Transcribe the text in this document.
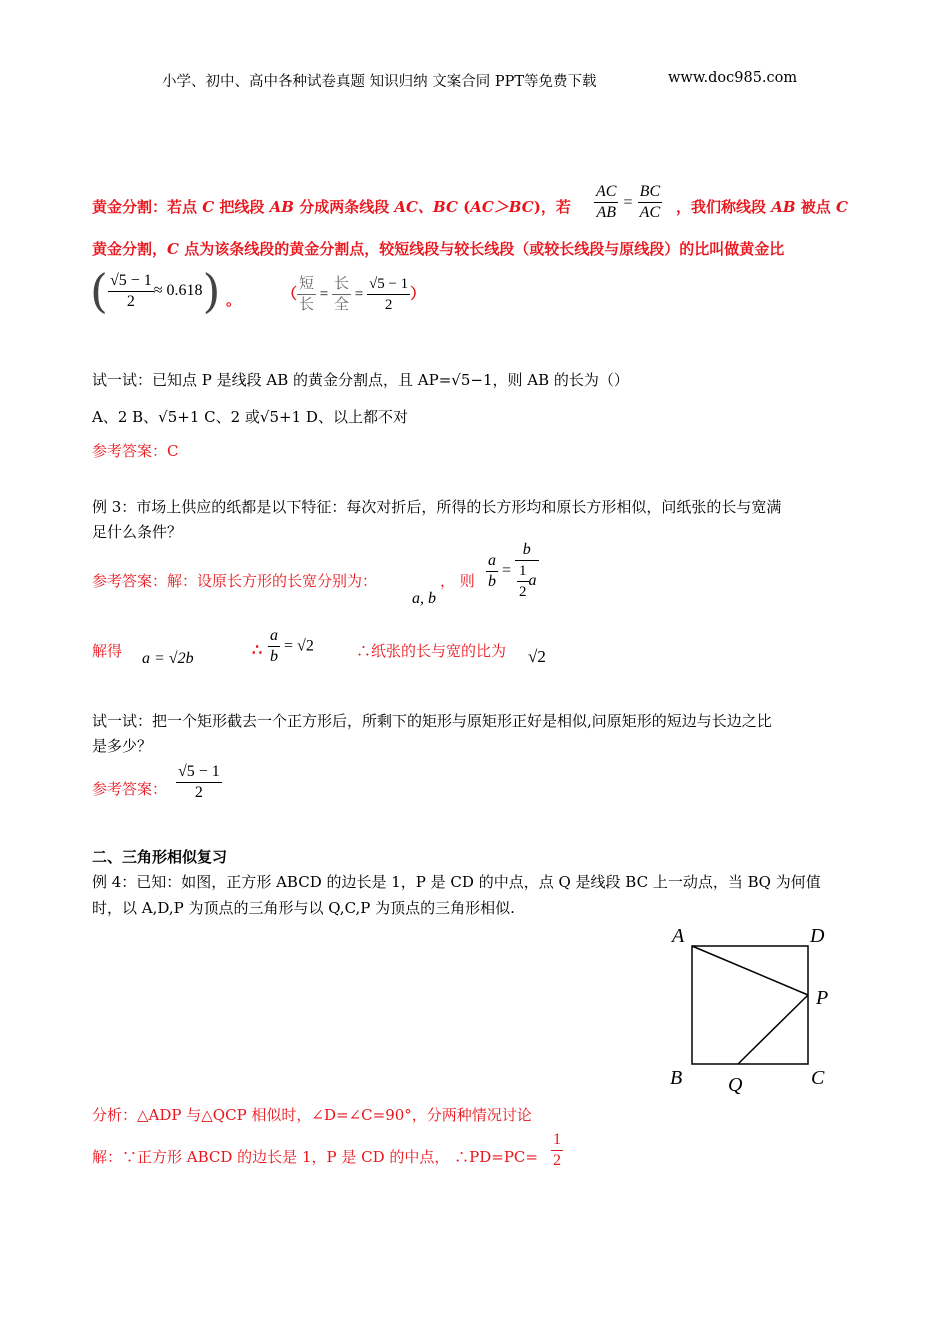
小学、初中、高中各种试卷真题 知识归纳 文案合同 PPT等免费下载	www.doc985.com
黄金分割：若点 C 把线段 AB 分成两条线段 AC、BC (AC＞BC)，若 $\frac{AC}{AB} = \frac{BC}{AC}$ ，我们称线段 AB 被点 C
黄金分割，C 点为该条线段的黄金分割点，较短线段与较长线段（或较长线段与原线段）的比叫做黄金比
( $\frac{√5 - 1}{2} \approx 0.618$) 。	（ $\frac{\text{短}}{\text{长}} = \frac{\text{长}}{\text{全}} = \frac{√5 - 1}{2}$ ）
试一试：已知点 P 是线段 AB 的黄金分割点，且 AP=√5−1，则 AB 的长为（）
A、2 B、√5+1 C、2 或√5+1 D、以上都不对
参考答案：C
例 3：市场上供应的纸都是以下特征：每次对折后，所得的长方形均和原长方形相似，问纸张的长与宽满
足什么条件？
参考答案：解：设原长方形的长宽分别为：
a, b
， 则 $\frac{a}{b} = \frac{b}{\frac{1}{2} a}$
解得 a = √2b	∴ $\frac{a}{b} = √2$	∴纸张的长与宽的比为 √2
试一试：把一个矩形截去一个正方形后，所剩下的矩形与原矩形正好是相似,问原矩形的短边与长边之比
是多少？
参考答案： $\frac{√5 - 1}{2}$
二、三角形相似复习
例 4：已知：如图，正方形 ABCD 的边长是 1，P 是 CD 的中点，点 Q 是线段 BC 上一动点，当 BQ 为何值
时，以 A,D,P 为顶点的三角形与以 Q,C,P 为顶点的三角形相似.
A	D
P
B Q	C
分析：△ADP 与△QCP 相似时，∠D=∠C=90°，分两种情况讨论
解：∵正方形 ABCD 的边长是 1，P 是 CD 的中点， ∴PD=PC= $\frac{1}{2}$
